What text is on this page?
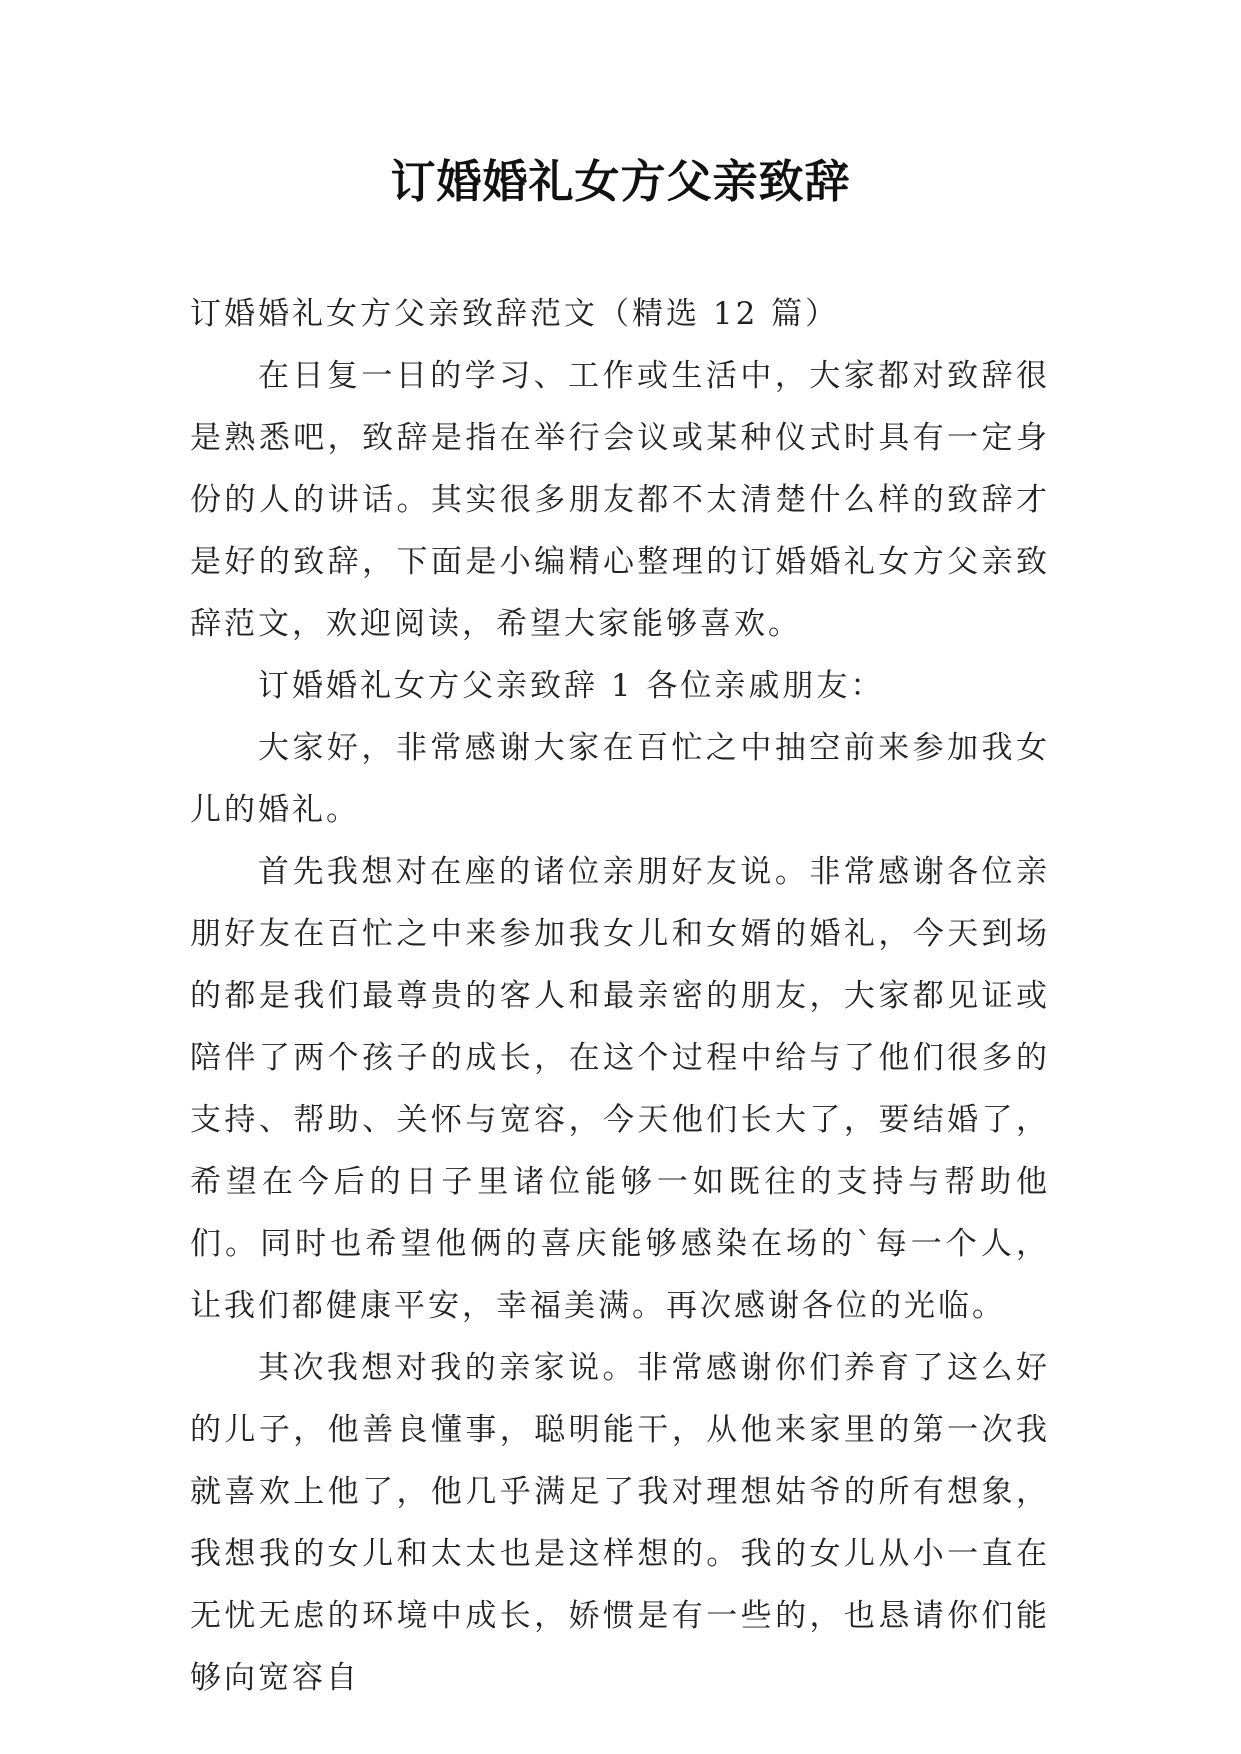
订婚婚礼女方父亲致辞

订婚婚礼女方父亲致辞范文（精选 12 篇）

在日复一日的学习、工作或生活中，大家都对致辞很是熟悉吧，致辞是指在举行会议或某种仪式时具有一定身份的人的讲话。其实很多朋友都不太清楚什么样的致辞才是好的致辞，下面是小编精心整理的订婚婚礼女方父亲致辞范文，欢迎阅读，希望大家能够喜欢。

订婚婚礼女方父亲致辞 1 各位亲戚朋友：

大家好，非常感谢大家在百忙之中抽空前来参加我女儿的婚礼。

首先我想对在座的诸位亲朋好友说。非常感谢各位亲朋好友在百忙之中来参加我女儿和女婿的婚礼，今天到场的都是我们最尊贵的客人和最亲密的朋友，大家都见证或陪伴了两个孩子的成长，在这个过程中给与了他们很多的支持、帮助、关怀与宽容，今天他们长大了，要结婚了，希望在今后的日子里诸位能够一如既往的支持与帮助他们。同时也希望他俩的喜庆能够感染在场的`每一个人，让我们都健康平安，幸福美满。再次感谢各位的光临。

其次我想对我的亲家说。非常感谢你们养育了这么好的儿子，他善良懂事，聪明能干，从他来家里的第一次我就喜欢上他了，他几乎满足了我对理想姑爷的所有想象，我想我的女儿和太太也是这样想的。我的女儿从小一直在无忧无虑的环境中成长，娇惯是有一些的，也恳请你们能够向宽容自
